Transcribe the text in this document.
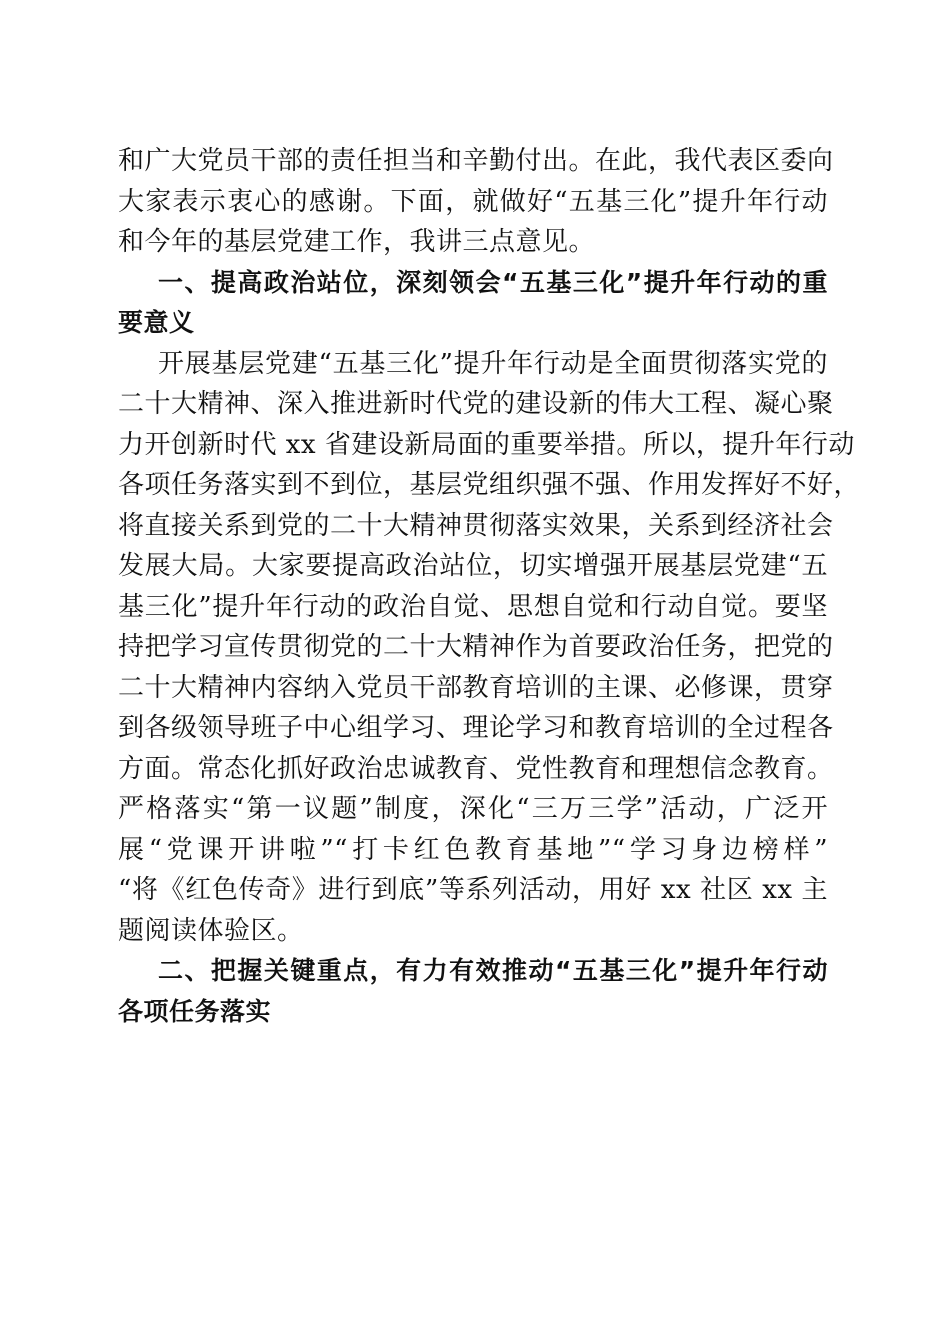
和广大党员干部的责任担当和辛勤付出。在此，我代表区委向
大家表示衷心的感谢。下面，就做好“五基三化”提升年行动
和今年的基层党建工作，我讲三点意见。
一、提高政治站位，深刻领会“五基三化”提升年行动的重
要意义
开展基层党建“五基三化”提升年行动是全面贯彻落实党的
二十大精神、深入推进新时代党的建设新的伟大工程、凝心聚
力开创新时代 xx 省建设新局面的重要举措。所以，提升年行动
各项任务落实到不到位，基层党组织强不强、作用发挥好不好，
将直接关系到党的二十大精神贯彻落实效果，关系到经济社会
发展大局。大家要提高政治站位，切实增强开展基层党建“五
基三化”提升年行动的政治自觉、思想自觉和行动自觉。要坚
持把学习宣传贯彻党的二十大精神作为首要政治任务，把党的
二十大精神内容纳入党员干部教育培训的主课、必修课，贯穿
到各级领导班子中心组学习、理论学习和教育培训的全过程各
方面。常态化抓好政治忠诚教育、党性教育和理想信念教育。
严格落实“第一议题”制度，深化“三万三学”活动，广泛开
展“党课开讲啦”“打卡红色教育基地”“学习身边榜样”
“将《红色传奇》进行到底”等系列活动，用好 xx 社区 xx 主
题阅读体验区。
二、把握关键重点，有力有效推动“五基三化”提升年行动
各项任务落实
